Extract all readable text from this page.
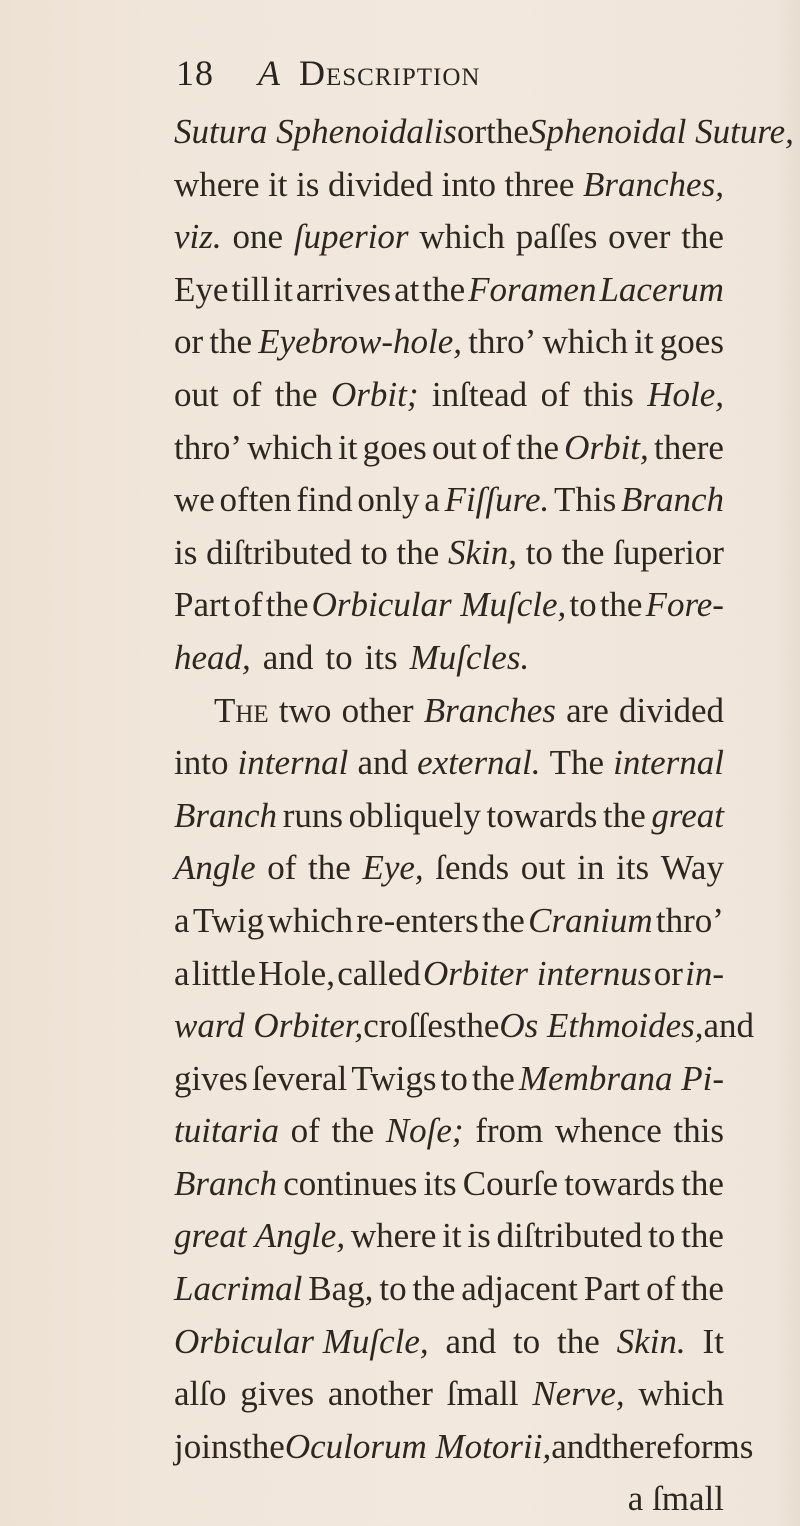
18 A Description
Sutura Sphenoidalis or the Sphenoidal Suture,
where it is divided into three Branches,
viz. one ſuperior which paſſes over the
Eye till it arrives at the Foramen Lacerum
or the Eyebrow-hole, thro’ which it goes
out of the Orbit; inſtead of this Hole,
thro’ which it goes out of the Orbit, there
we often find only a Fiſſure. This Branch
is diſtributed to the Skin, to the ſuperior
Part of the Orbicular Muſcle, to the Fore-
head, and to its Muſcles.
The two other Branches are divided
into internal and external. The internal
Branch runs obliquely towards the great
Angle of the Eye, ſends out in its Way
a Twig which re-enters the Cranium thro’
a little Hole, called Orbiter internus or in-
ward Orbiter, croſſes the Os Ethmoides, and
gives ſeveral Twigs to the Membrana Pi-
tuitaria of the Noſe; from whence this
Branch continues its Courſe towards the
great Angle, where it is diſtributed to the
Lacrimal Bag, to the adjacent Part of the
Orbicular Muſcle, and to the Skin. It
alſo gives another ſmall Nerve, which
joins the Oculorum Motorii, and there forms
a ſmall
